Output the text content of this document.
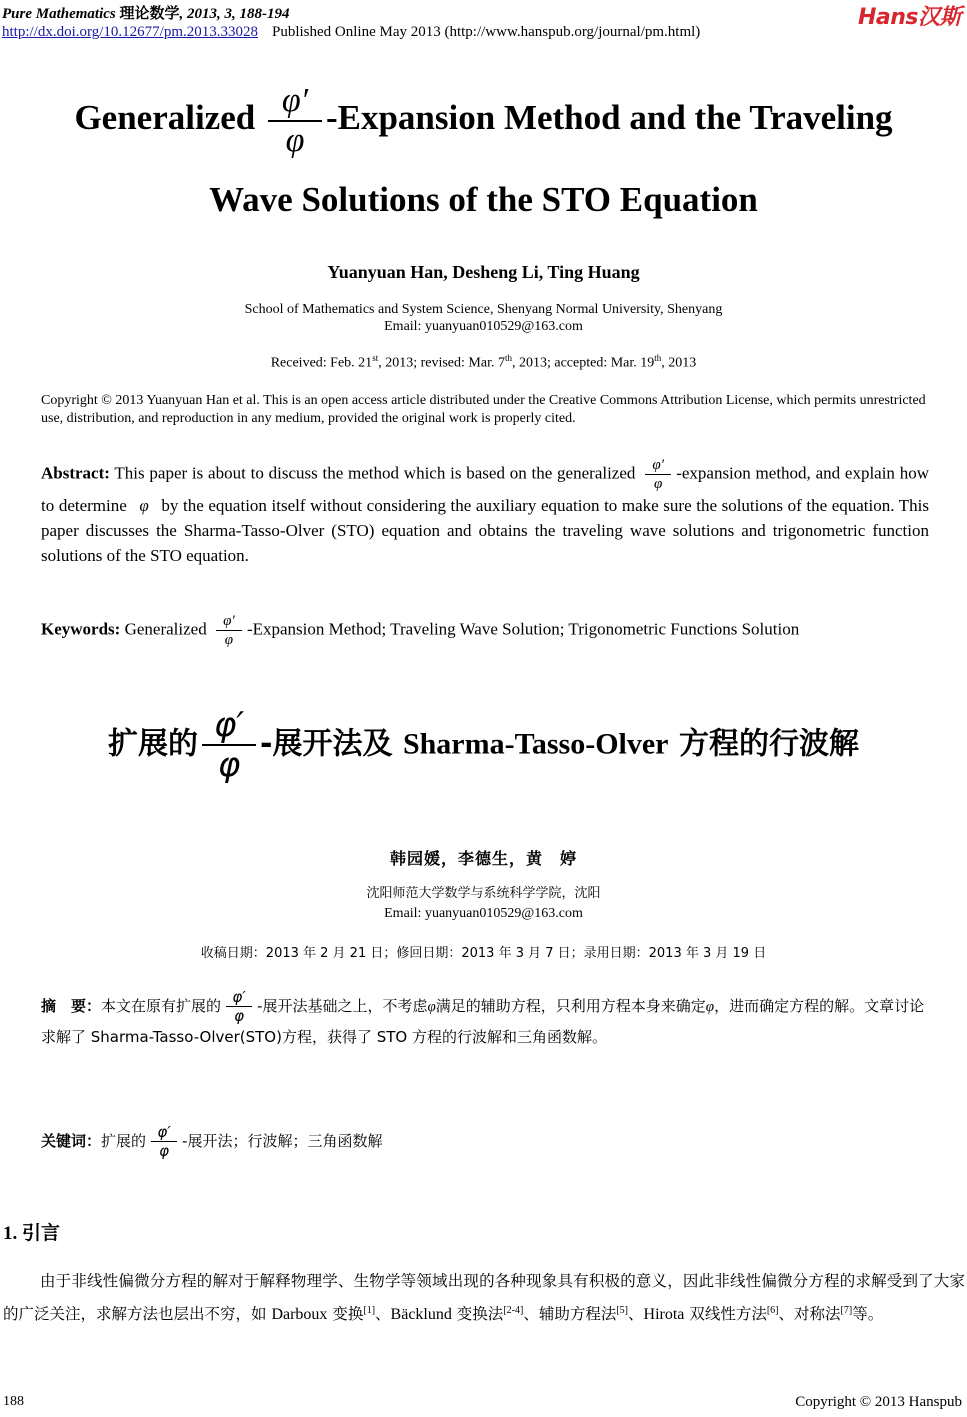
Pure Mathematics 理论数学, 2013, 3, 188-194	Hans汉斯
http://dx.doi.org/10.12677/pm.2013.33028 Published Online May 2013 (http://www.hanspub.org/journal/pm.html)
Generalized $\frac{\varphi'}{\varphi}$ -Expansion Method and the Traveling
Wave Solutions of the STO Equation
Yuanyuan Han, Desheng Li, Ting Huang
School of Mathematics and System Science, Shenyang Normal University, Shenyang
Email: yuanyuan010529@163.com
Received: Feb. 21st, 2013; revised: Mar. 7th, 2013; accepted: Mar. 19th, 2013
Copyright © 2013 Yuanyuan Han et al. This is an open access article distributed under the Creative Commons Attribution License, which permits unrestricted use, distribution, and reproduction in any medium, provided the original work is properly cited.
Abstract: This paper is about to discuss the method which is based on the generalized $\frac{\varphi'}{\varphi}$ -expansion method, and explain how to determine φ by the equation itself without considering the auxiliary equation to make sure the solutions of the equation. This paper discusses the Sharma-Tasso-Olver (STO) equation and obtains the traveling wave solutions and trigonometric function solutions of the STO equation.
Keywords: Generalized $\frac{\varphi'}{\varphi}$ -Expansion Method; Traveling Wave Solution; Trigonometric Functions Solution
扩展的 $\frac{\varphi'}{\varphi}$ -展开法及 Sharma-Tasso-Olver 方程的行波解
韩园媛，李德生，黄　婷
沈阳师范大学数学与系统科学学院，沈阳
Email: yuanyuan010529@163.com
收稿日期：2013 年 2 月 21 日；修回日期：2013 年 3 月 7 日；录用日期：2013 年 3 月 19 日
摘　要：本文在原有扩展的 $\frac{\varphi'}{\varphi}$ -展开法基础之上，不考虑φ满足的辅助方程，只利用方程本身来确定φ，进而确定方程的解。文章讨论求解了 Sharma-Tasso-Olver(STO)方程，获得了 STO 方程的行波解和三角函数解。
关键词：扩展的 $\frac{\varphi'}{\varphi}$ -展开法；行波解；三角函数解
1. 引言
由于非线性偏微分方程的解对于解释物理学、生物学等领域出现的各种现象具有积极的意义，因此非线性偏微分方程的求解受到了大家的广泛关注，求解方法也层出不穷，如 Darboux 变换[1]、Bäcklund 变换法[2-4]、辅助方程法[5]、Hirota 双线性方法[6]、对称法[7]等。
188	Copyright © 2013 Hanspub
